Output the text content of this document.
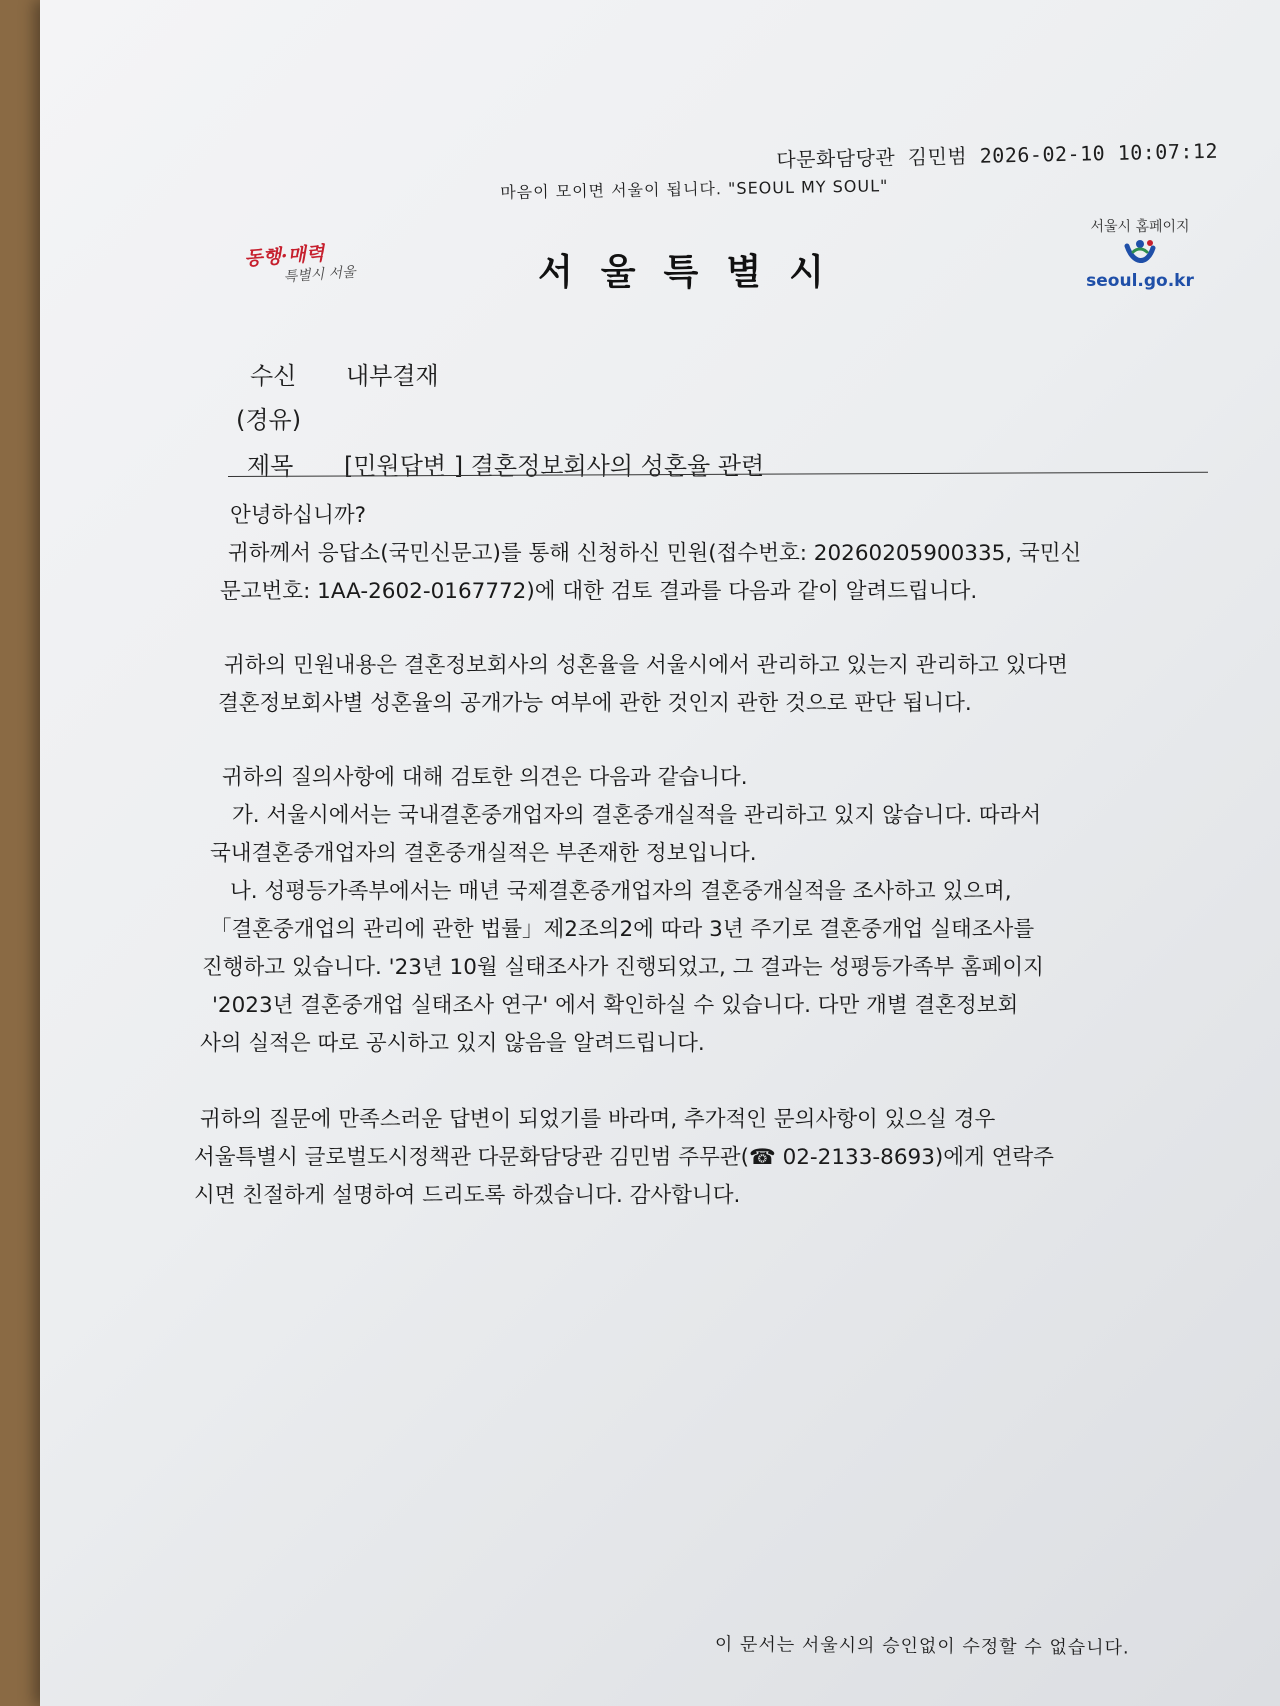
다문화담당관 김민범 2026-02-10 10:07:12
마음이 모이면 서울이 됩니다. "SEOUL MY SOUL"
동행·매력
특별시 서울	서울특별시
서울시 홈페이지
seoul.go.kr
수신 내부결재
(경유)
제목 [민원답변 ] 결혼정보회사의 성혼율 관련
안녕하십니까?
귀하께서 응답소(국민신문고)를 통해 신청하신 민원(접수번호: 20260205900335, 국민신
문고번호: 1AA-2602-0167772)에 대한 검토 결과를 다음과 같이 알려드립니다.
귀하의 민원내용은 결혼정보회사의 성혼율을 서울시에서 관리하고 있는지 관리하고 있다면
결혼정보회사별 성혼율의 공개가능 여부에 관한 것인지 관한 것으로 판단 됩니다.
귀하의 질의사항에 대해 검토한 의견은 다음과 같습니다.
가. 서울시에서는 국내결혼중개업자의 결혼중개실적을 관리하고 있지 않습니다. 따라서
국내결혼중개업자의 결혼중개실적은 부존재한 정보입니다.
나. 성평등가족부에서는 매년 국제결혼중개업자의 결혼중개실적을 조사하고 있으며,
「결혼중개업의 관리에 관한 법률」제2조의2에 따라 3년 주기로 결혼중개업 실태조사를
진행하고 있습니다. '23년 10월 실태조사가 진행되었고, 그 결과는 성평등가족부 홈페이지
'2023년 결혼중개업 실태조사 연구' 에서 확인하실 수 있습니다. 다만 개별 결혼정보회
사의 실적은 따로 공시하고 있지 않음을 알려드립니다.
귀하의 질문에 만족스러운 답변이 되었기를 바라며, 추가적인 문의사항이 있으실 경우
서울특별시 글로벌도시정책관 다문화담당관 김민범 주무관(☎ 02-2133-8693)에게 연락주
시면 친절하게 설명하여 드리도록 하겠습니다. 감사합니다.
이 문서는 서울시의 승인없이 수정할 수 없습니다.
